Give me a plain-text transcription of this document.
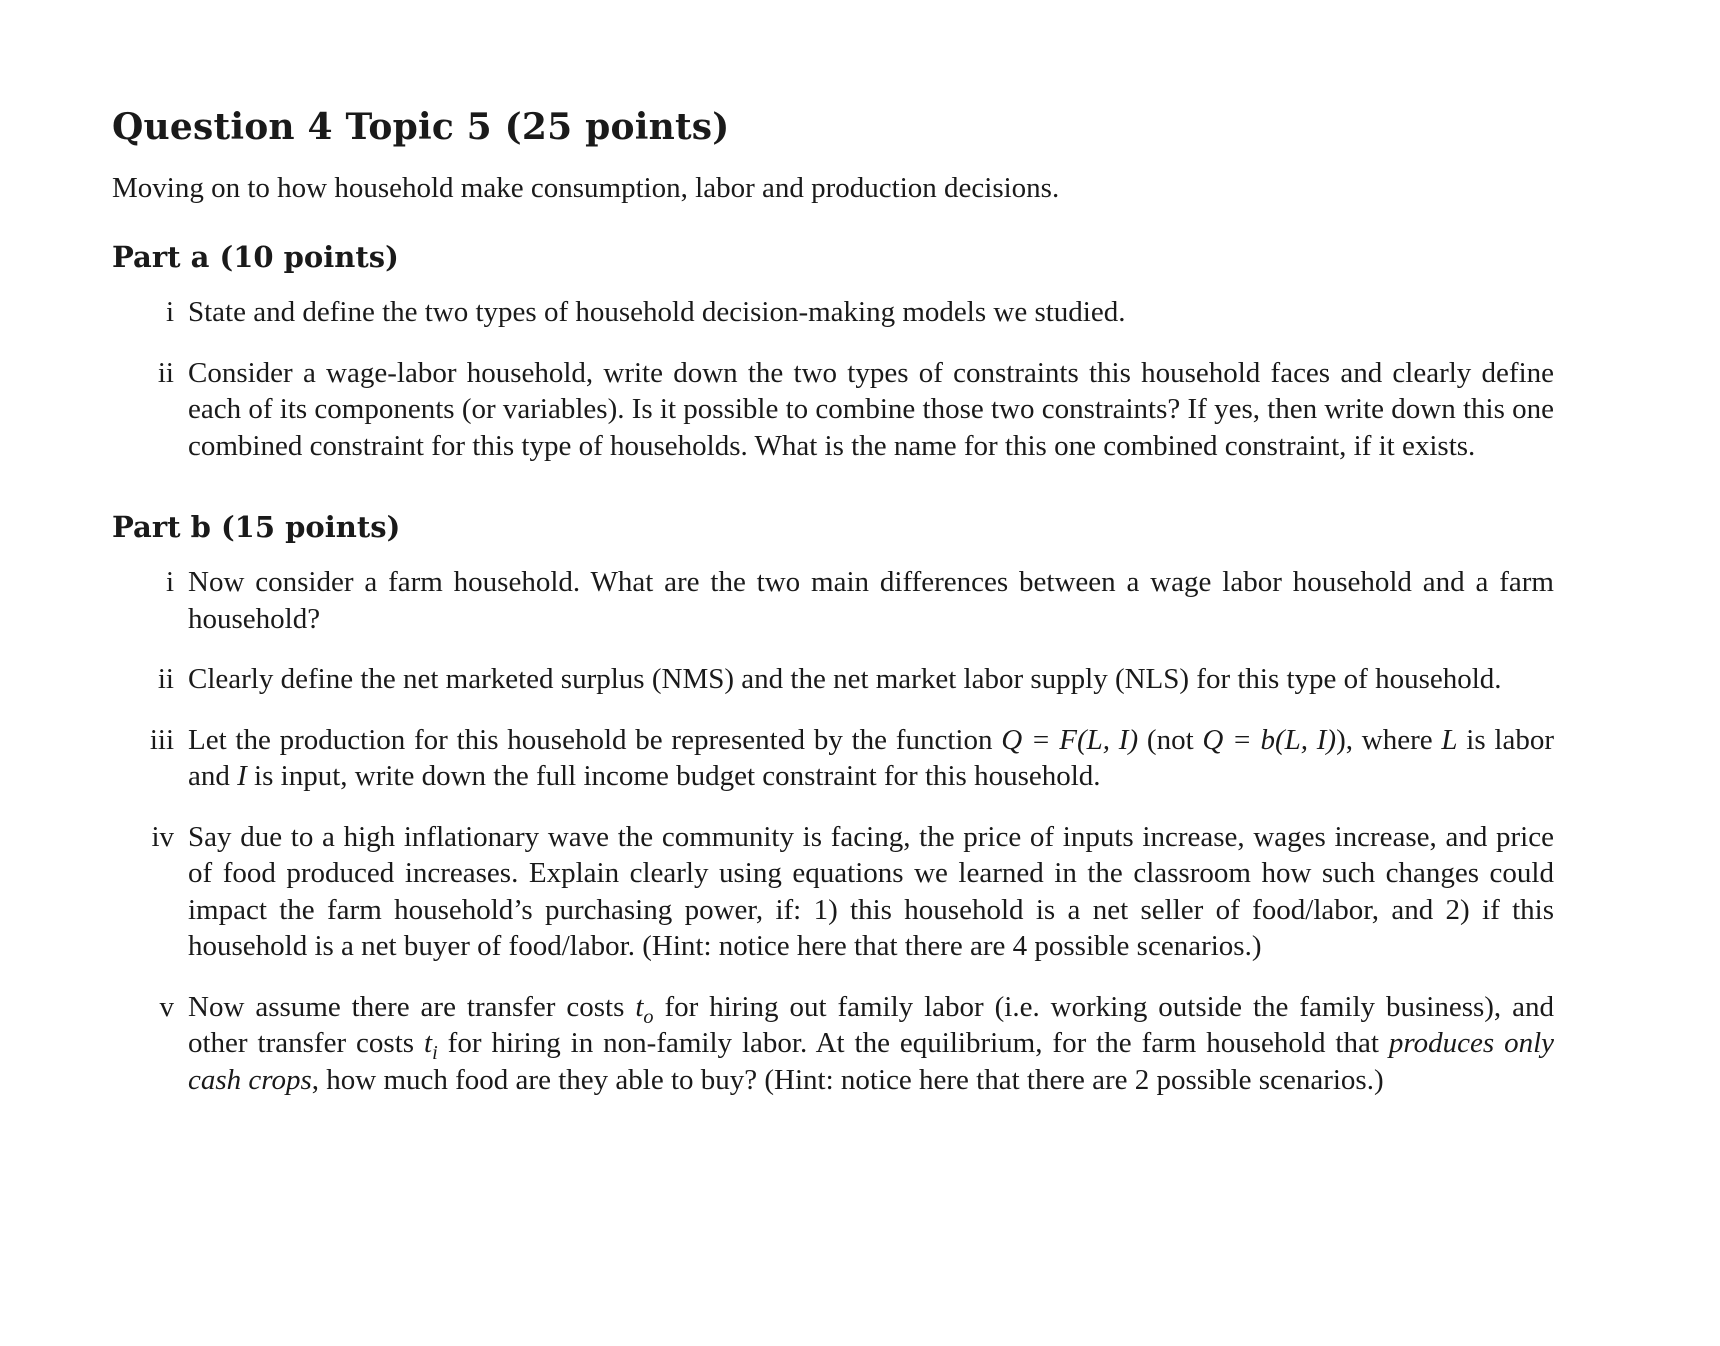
Question 4 Topic 5 (25 points)

Moving on to how household make consumption, labor and production decisions.

Part a (10 points)
i State and define the two types of household decision-making models we studied.
ii Consider a wage-labor household, write down the two types of constraints this household faces and clearly define each of its components (or variables). Is it possible to combine those two constraints? If yes, then write down this one combined constraint for this type of households. What is the name for this one combined constraint, if it exists.
Part b (15 points)
i Now consider a farm household. What are the two main differences between a wage labor household and a farm household?
ii Clearly define the net marketed surplus (NMS) and the net market labor supply (NLS) for this type of household.
iii Let the production for this household be represented by the function Q = F(L, I) (not Q = b(L, I)), where L is labor and I is input, write down the full income budget constraint for this household.
iv Say due to a high inflationary wave the community is facing, the price of inputs increase, wages increase, and price of food produced increases. Explain clearly using equations we learned in the classroom how such changes could impact the farm household’s purchasing power, if: 1) this household is a net seller of food/labor, and 2) if this household is a net buyer of food/labor. (Hint: notice here that there are 4 possible scenarios.)
v Now assume there are transfer costs $t_o$ for hiring out family labor (i.e. working outside the family business), and other transfer costs $t_i$ for hiring in non-family labor. At the equilibrium, for the farm household that produces only cash crops, how much food are they able to buy? (Hint: notice here that there are 2 possible scenarios.)
